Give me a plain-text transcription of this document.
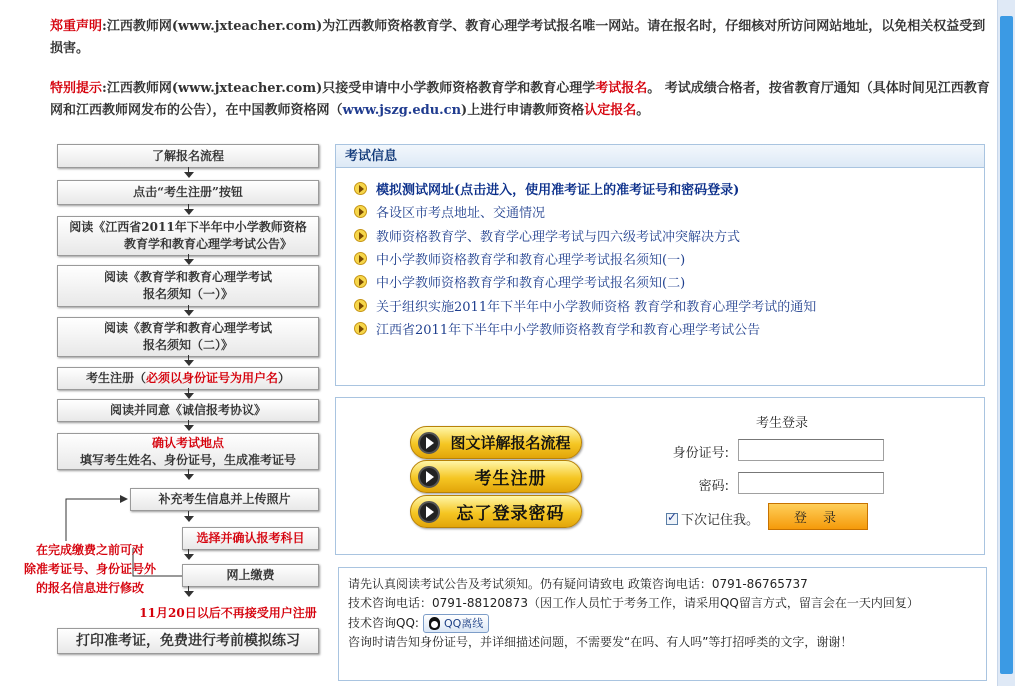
郑重声明:江西教师网(www.jxteacher.com)为江西教师资格教育学、教育心理学考试报名唯一网站。请在报名时，仔细核对所访问网站地址，以免相关权益受到损害。
特别提示:江西教师网(www.jxteacher.com)只接受申请中小学教师资格教育学和教育心理学考试报名。 考试成绩合格者，按省教育厅通知（具体时间见江西教育网和江西教师网发布的公告），在中国教师资格网（www.jszg.edu.cn)上进行申请教师资格认定报名。
了解报名流程
点击“考生注册”按钮
阅读《江西省2011年下半年中小学教师资格
教育学和教育心理学考试公告》
阅读《教育学和教育心理学考试
报名须知（一）》
阅读《教育学和教育心理学考试
报名须知（二）》
考生注册（必须以身份证号为用户名）
阅读并同意《诚信报考协议》
确认考试地点
填写考生姓名、身份证号，生成准考证号
补充考生信息并上传照片
选择并确认报考科目
网上缴费
打印准考证，免费进行考前模拟练习
在完成缴费之前可对
除准考证号、身份证号外
的报名信息进行修改
11月20日以后不再接受用户注册
考试信息
模拟测试网址(点击进入，使用准考证上的准考证号和密码登录)
各设区市考点地址、交通情况
教师资格教育学、教育学心理学考试与四六级考试冲突解决方式
中小学教师资格教育学和教育心理学考试报名须知(一)
中小学教师资格教育学和教育心理学考试报名须知(二)
关于组织实施2011年下半年中小学教师资格 教育学和教育心理学考试的通知
江西省2011年下半年中小学教师资格教育学和教育心理学考试公告
图文详解报名流程
考生注册
忘了登录密码
考生登录
身份证号:
密码:
✓
下次记住我。	登 录

请先认真阅读考试公告及考试须知。仍有疑问请致电 政策咨询电话：0791-86765737

技术咨询电话：0791-88120873（因工作人员忙于考务工作，请采用QQ留言方式，留言会在一天内回复）

技术咨询QQ: QQ离线

咨询时请告知身份证号，并详细描述问题，不需要发“在吗、有人吗”等打招呼类的文字，谢谢！
